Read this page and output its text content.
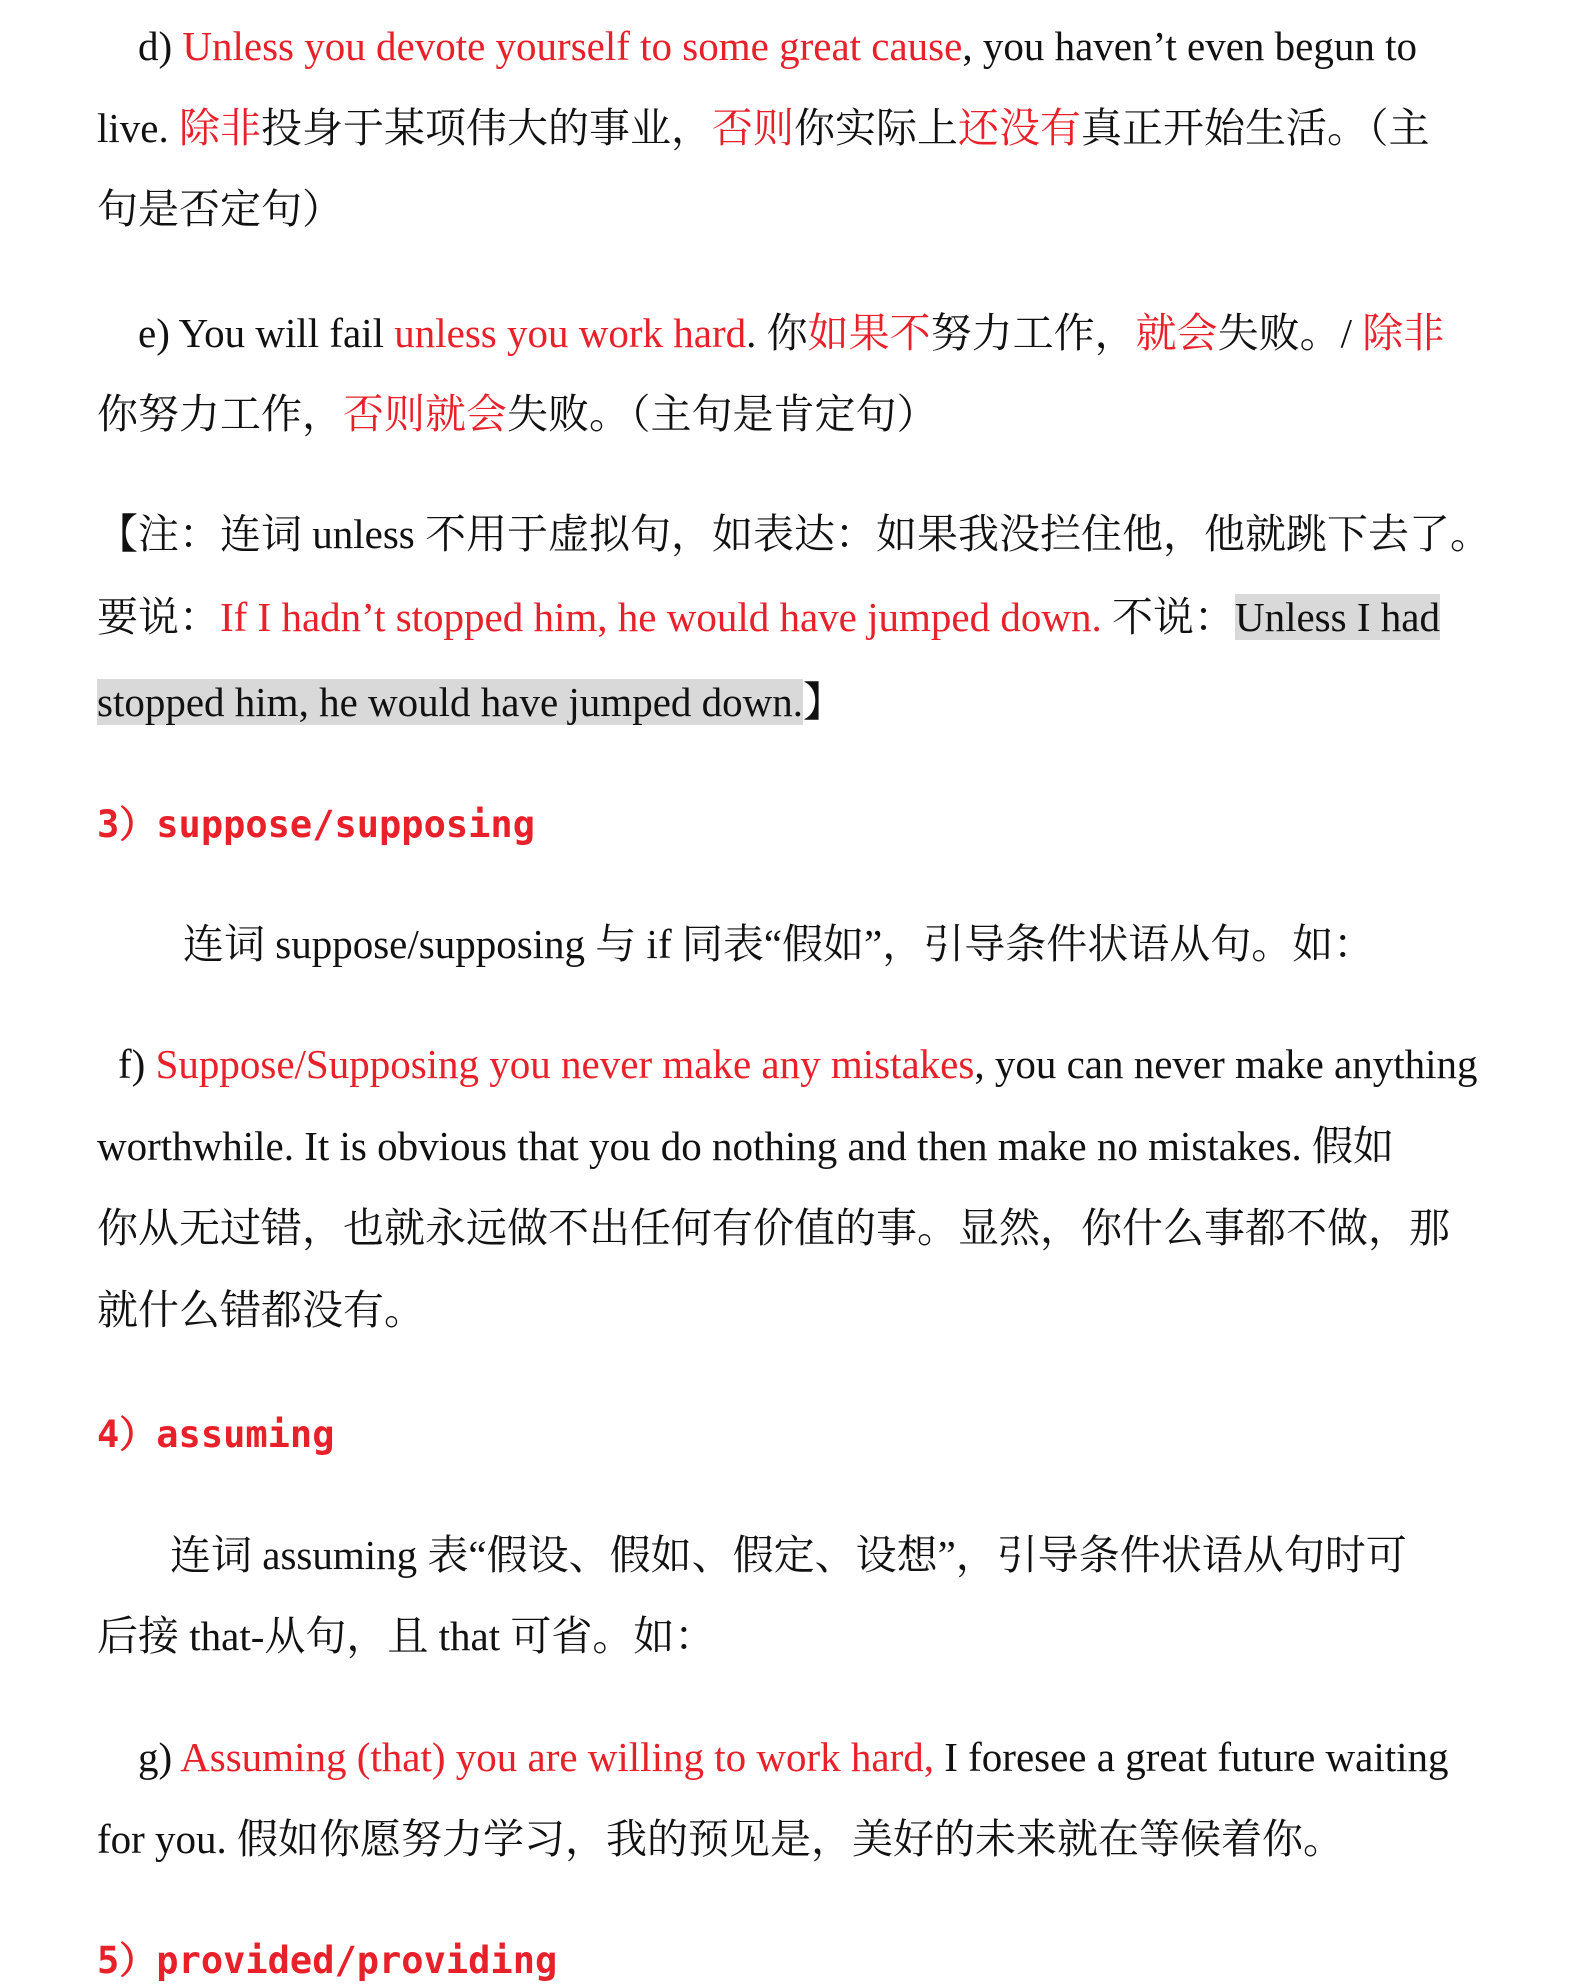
d) Unless you devote yourself to some great cause, you haven’t even begun to
live. 除非投身于某项伟大的事业，否则你实际上还没有真正开始生活。（主
句是否定句）
e) You will fail unless you work hard. 你如果不努力工作，就会失败。/ 除非
你努力工作，否则就会失败。（主句是肯定句）
【注：连词 unless 不用于虚拟句，如表达：如果我没拦住他，他就跳下去了。
要说：If I hadn’t stopped him, he would have jumped down. 不说：Unless I had
stopped him, he would have jumped down.】
3）suppose/supposing
连词 suppose/supposing 与 if 同表“假如”，引导条件状语从句。如：
f) Suppose/Supposing you never make any mistakes, you can never make anything
worthwhile. It is obvious that you do nothing and then make no mistakes. 假如
你从无过错，也就永远做不出任何有价值的事。显然，你什么事都不做，那
就什么错都没有。
4）assuming
连词 assuming 表“假设、假如、假定、设想”，引导条件状语从句时可
后接 that-从句，且 that 可省。如：
g) Assuming (that) you are willing to work hard, I foresee a great future waiting
for you. 假如你愿努力学习，我的预见是，美好的未来就在等候着你。
5）provided/providing
